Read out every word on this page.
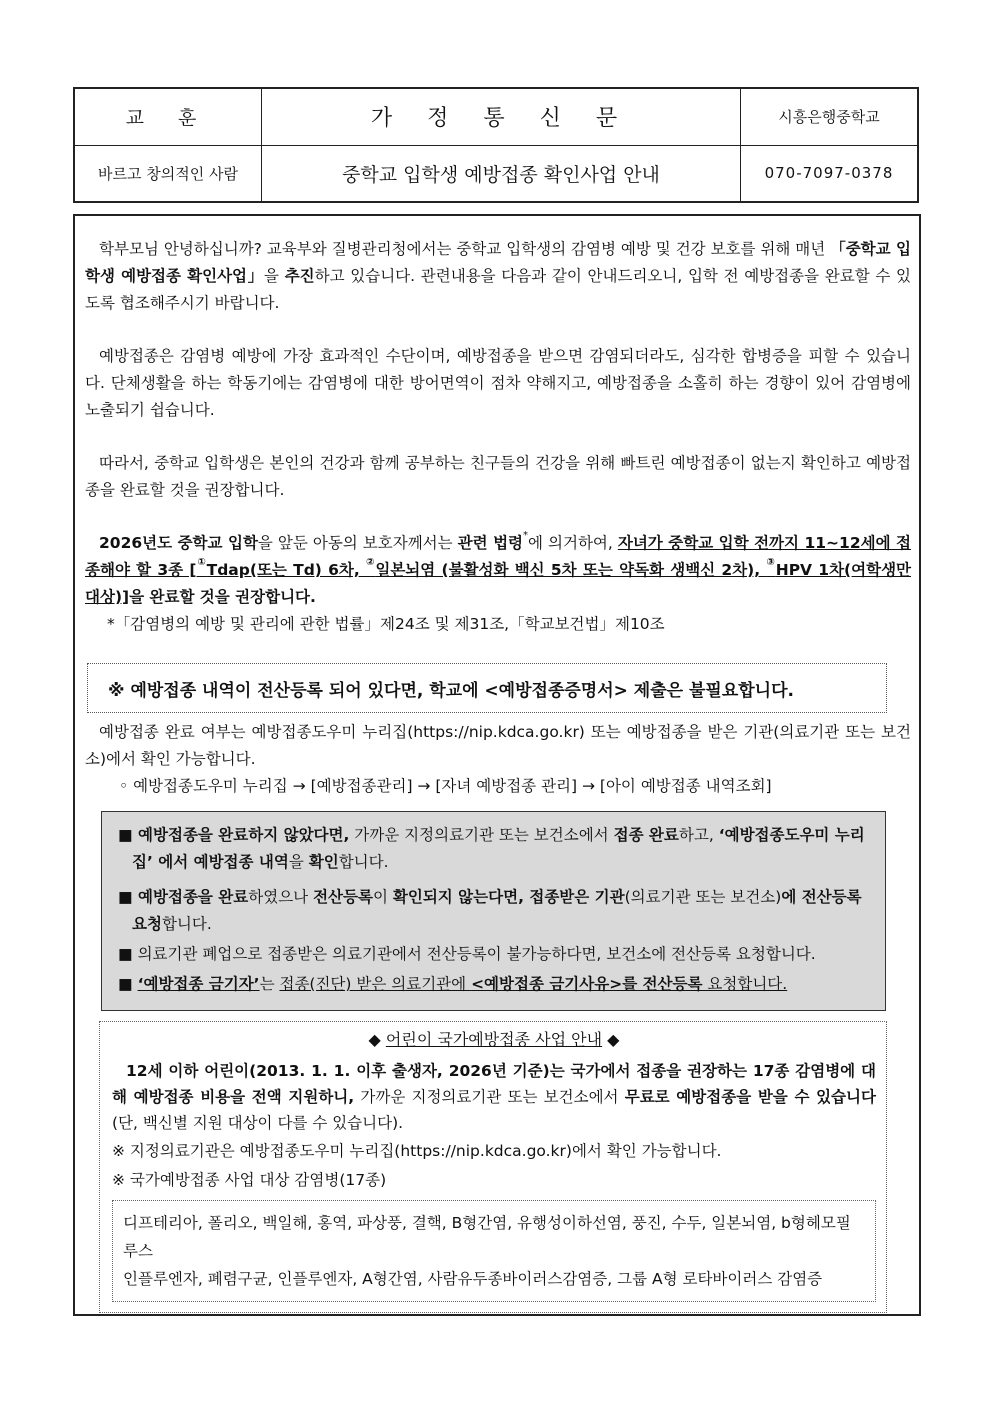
교 훈	가 정 통 신 문	시흥은행중학교
바르고 창의적인 사람	중학교 입학생 예방접종 확인사업 안내	070-7097-0378

학부모님 안녕하십니까? 교육부와 질병관리청에서는 중학교 입학생의 감염병 예방 및 건강 보호를 위해 매년 「중학교 입학생 예방접종 확인사업」을 추진하고 있습니다. 관련내용을 다음과 같이 안내드리오니, 입학 전 예방접종을 완료할 수 있도록 협조해주시기 바랍니다.

예방접종은 감염병 예방에 가장 효과적인 수단이며, 예방접종을 받으면 감염되더라도, 심각한 합병증을 피할 수 있습니다. 단체생활을 하는 학동기에는 감염병에 대한 방어면역이 점차 약해지고, 예방접종을 소홀히 하는 경향이 있어 감염병에 노출되기 쉽습니다.

따라서, 중학교 입학생은 본인의 건강과 함께 공부하는 친구들의 건강을 위해 빠트린 예방접종이 없는지 확인하고 예방접종을 완료할 것을 권장합니다.

2026년도 중학교 입학을 앞둔 아동의 보호자께서는 관련 법령*에 의거하여, 자녀가 중학교 입학 전까지 11~12세에 접종해야 할 3종 [①Tdap(또는 Td) 6차, ②일본뇌염 (불활성화 백신 5차 또는 약독화 생백신 2차), ③HPV 1차(여학생만 대상)]을 완료할 것을 권장합니다.

*「감염병의 예방 및 관리에 관한 법률」제24조 및 제31조,「학교보건법」제10조

※ 예방접종 내역이 전산등록 되어 있다면, 학교에 <예방접종증명서> 제출은 불필요합니다.

예방접종 완료 여부는 예방접종도우미 누리집(https://nip.kdca.go.kr) 또는 예방접종을 받은 기관(의료기관 또는 보건소)에서 확인 가능합니다.

◦ 예방접종도우미 누리집 → [예방접종관리] → [자녀 예방접종 관리] → [아이 예방접종 내역조회]

■ 예방접종을 완료하지 않았다면, 가까운 지정의료기관 또는 보건소에서 접종 완료하고, ‘예방접종도우미 누리집’ 에서 예방접종 내역을 확인합니다.

■ 예방접종을 완료하였으나 전산등록이 확인되지 않는다면, 접종받은 기관(의료기관 또는 보건소)에 전산등록 요청합니다.

■ 의료기관 폐업으로 접종받은 의료기관에서 전산등록이 불가능하다면, 보건소에 전산등록 요청합니다.

■ ‘예방접종 금기자’는 접종(진단) 받은 의료기관에 <예방접종 금기사유>를 전산등록 요청합니다.

◆ 어린이 국가예방접종 사업 안내 ◆

12세 이하 어린이(2013. 1. 1. 이후 출생자, 2026년 기준)는 국가에서 접종을 권장하는 17종 감염병에 대해 예방접종 비용을 전액 지원하니, 가까운 지정의료기관 또는 보건소에서 무료로 예방접종을 받을 수 있습니다(단, 백신별 지원 대상이 다를 수 있습니다).

※ 지정의료기관은 예방접종도우미 누리집(https://nip.kdca.go.kr)에서 확인 가능합니다.

※ 국가예방접종 사업 대상 감염병(17종)

디프테리아, 폴리오, 백일해, 홍역, 파상풍, 결핵, B형간염, 유행성이하선염, 풍진, 수두, 일본뇌염, b형헤모필루스
인플루엔자, 폐렴구균, 인플루엔자, A형간염, 사람유두종바이러스감염증, 그룹 A형 로타바이러스 감염증
